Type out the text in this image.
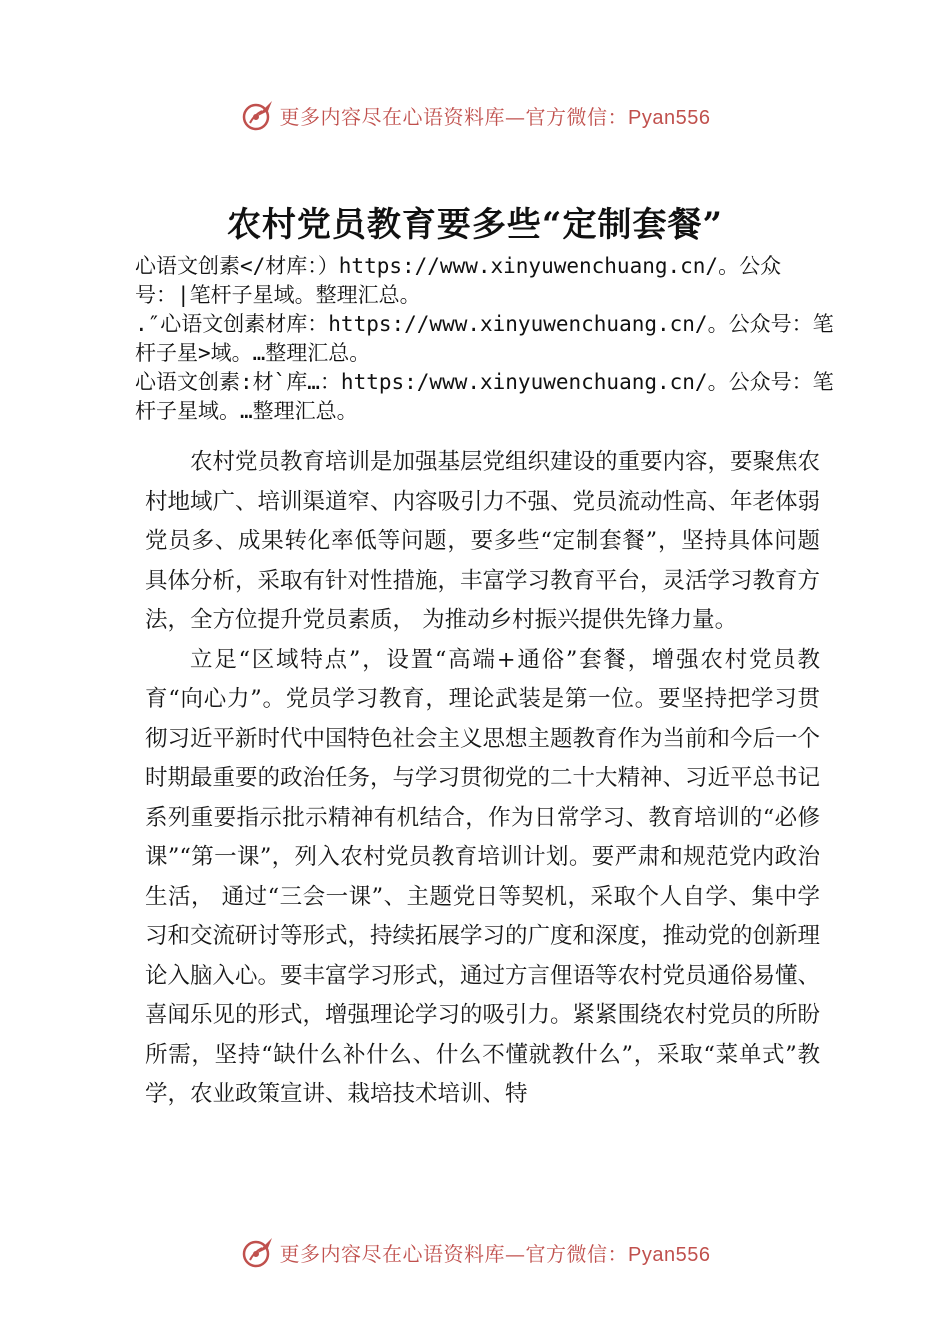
更多内容尽在心语资料库—官方微信：Pyan556
农村党员教育要多些“定制套餐”

心语文创素</材库：）https://www.xinyuwenchuang.cn/。公众号：|笔杆子星域。整理汇总。

.″心语文创素材库：https://www.xinyuwenchuang.cn/。公众号：笔杆子星>域。…整理汇总。

心语文创素:材`库…：https:/www.xinyuwenchuang.cn/。公众号：笔杆子星域。…整理汇总。

农村党员教育培训是加强基层党组织建设的重要内容，要聚焦农村地域广、培训渠道窄、内容吸引力不强、党员流动性高、年老体弱党员多、成果转化率低等问题，要多些“定制套餐”，坚持具体问题具体分析，采取有针对性措施，丰富学习教育平台，灵活学习教育方法，全方位提升党员素质， 为推动乡村振兴提供先锋力量。

立足“区域特点”，设置“高端+通俗”套餐，增强农村党员教育“向心力”。党员学习教育，理论武装是第一位。要坚持把学习贯彻习近平新时代中国特色社会主义思想主题教育作为当前和今后一个时期最重要的政治任务，与学习贯彻党的二十大精神、习近平总书记系列重要指示批示精神有机结合，作为日常学习、教育培训的“必修课”“第一课”，列入农村党员教育培训计划。要严肃和规范党内政治生活， 通过“三会一课”、主题党日等契机，采取个人自学、集中学习和交流研讨等形式，持续拓展学习的广度和深度，推动党的创新理论入脑入心。要丰富学习形式，通过方言俚语等农村党员通俗易懂、喜闻乐见的形式，增强理论学习的吸引力。紧紧围绕农村党员的所盼所需，坚持“缺什么补什么、什么不懂就教什么”，采取“菜单式”教学，农业政策宣讲、栽培技术培训、特

更多内容尽在心语资料库—官方微信：Pyan556
